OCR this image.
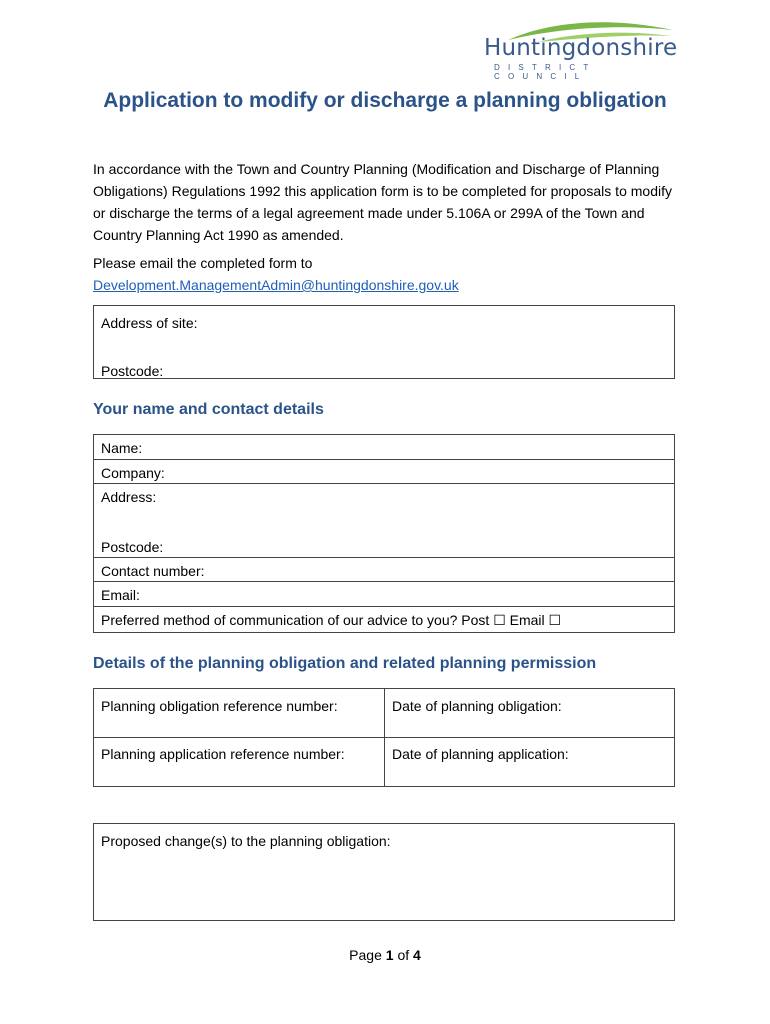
Huntingdonshire
DISTRICT COUNCIL
Application to modify or discharge a planning obligation

In accordance with the Town and Country Planning (Modification and Discharge of Planning Obligations) Regulations 1992 this application form is to be completed for proposals to modify or discharge the terms of a legal agreement made under 5.106A or 299A of the Town and Country Planning Act 1990 as amended.

Please email the completed form to
Development.ManagementAdmin@huntingdonshire.gov.uk
Address of site:
Postcode:
Your name and contact details
Name:
Company:
Address:
Postcode:
Contact number:
Email:
Preferred method of communication of our advice to you? Post ☐ Email ☐
Details of the planning obligation and related planning permission
Planning obligation reference number:	Date of planning obligation:
Planning application reference number:	Date of planning application:
Proposed change(s) to the planning obligation:
Page 1 of 4
